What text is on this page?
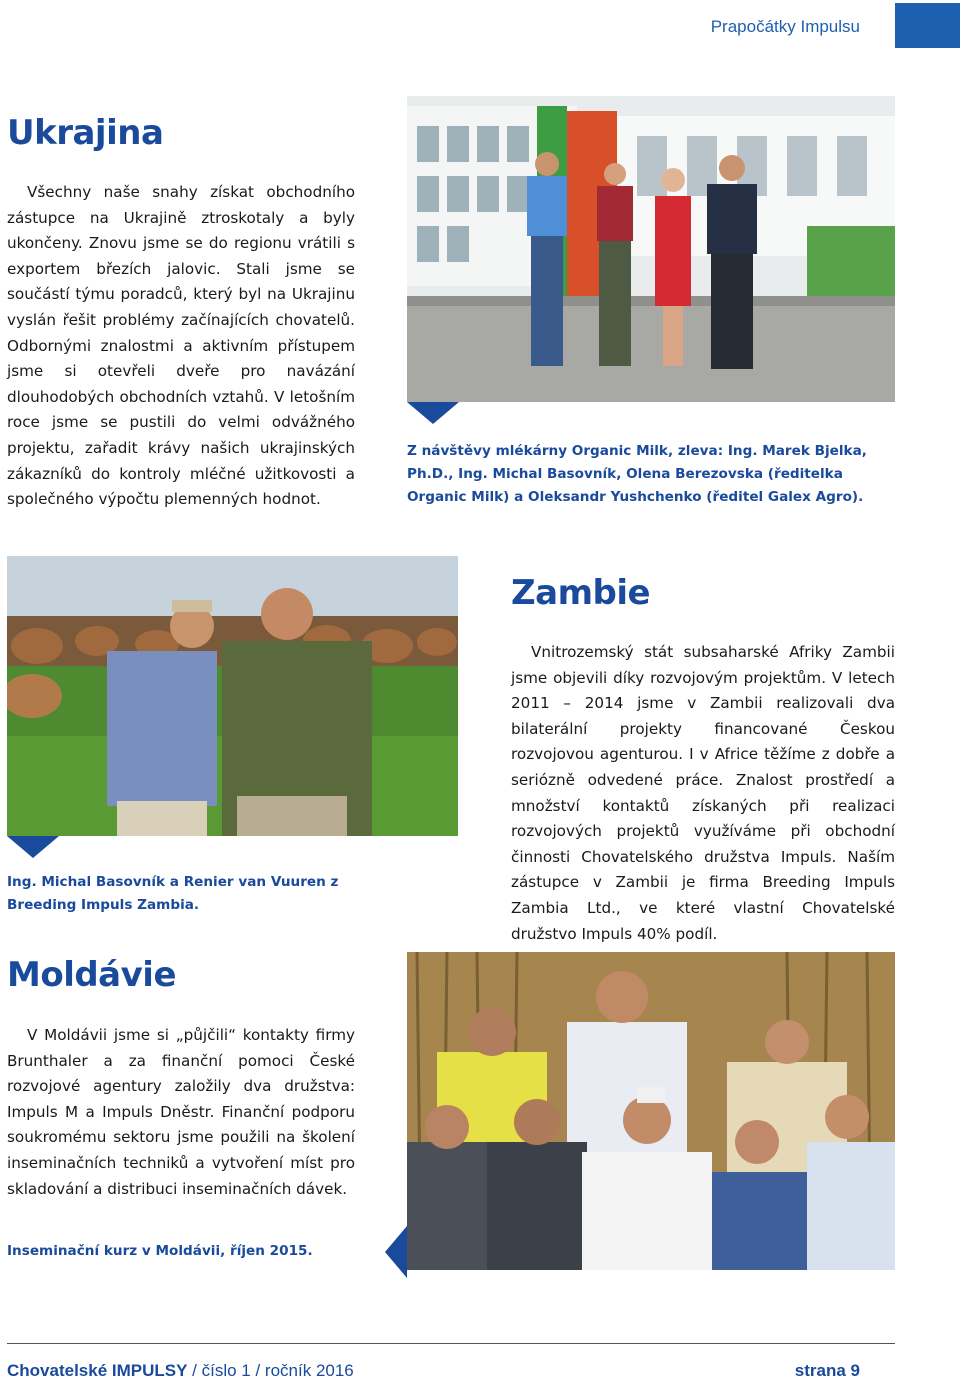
Prapočátky Impulsu
Ukrajina
Všechny naše snahy získat obchodního zástupce na Ukrajině ztroskotaly a byly ukončeny. Znovu jsme se do regionu vrátili s exportem březích jalovic. Stali jsme se součástí týmu poradců, který byl na Ukrajinu vyslán řešit problémy začínajících chovatelů. Odbornými znalostmi a aktivním přístupem jsme si otevřeli dveře pro navázání dlouhodobých obchodních vztahů. V letošním roce jsme se pustili do velmi odvážného projektu, zařadit krávy našich ukrajinských zákazníků do kontroly mléčné užitkovosti a společného výpočtu plemenných hodnot.
Z návštěvy mlékárny Organic Milk, zleva: Ing. Marek Bjelka, Ph.D., Ing. Michal Basovník, Olena Berezovska (ředitelka Organic Milk) a Oleksandr Yushchenko (ředitel Galex Agro).
Ing. Michal Basovník a Renier van Vuuren z Breeding Impuls Zambia.
Zambie
Vnitrozemský stát subsaharské Afriky Zambii jsme objevili díky rozvojovým projektům. V letech 2011 – 2014 jsme v Zambii realizovali dva bilaterální projekty financované Českou rozvojovou agenturou. I v Africe těžíme z dobře a seriózně odvedené práce. Znalost prostředí a množství kontaktů získaných při realizaci rozvojových projektů využíváme při obchodní činnosti Chovatelského družstva Impuls. Naším zástupce v Zambii je firma Breeding Impuls Zambia Ltd., ve které vlastní Chovatelské družstvo Impuls 40% podíl.
Moldávie
V Moldávii jsme si „půjčili“ kontakty firmy Brunthaler a za finanční pomoci České rozvojové agentury založily dva družstva: Impuls M a Impuls Dněstr. Finanční podporu soukromému sektoru jsme použili na školení inseminačních techniků a vytvoření míst pro skladování a distribuci inseminačních dávek.
Inseminační kurz v Moldávii, říjen 2015.
Chovatelské IMPULSY / číslo 1 / ročník 2016	strana 9
